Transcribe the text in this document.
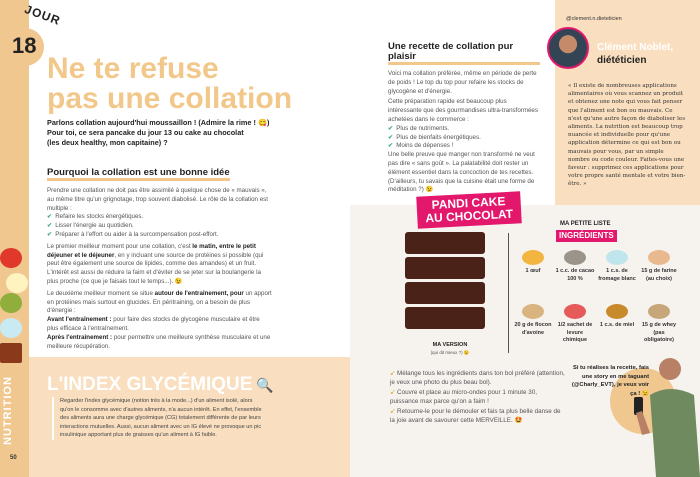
JOUR
18
Ne te refuse
pas une collation
Parlons collation aujourd'hui moussaillon ! (Admire la rime ! 😋)
Pour toi, ce sera pancake du jour 13 ou cake au chocolat
(les deux healthy, mon capitaine) ?
Pourquoi la collation est une bonne idée
Prendre une collation ne doit pas être assimilé à quelque chose de « mauvais », au même titre qu'un grignotage, trop souvent diabolisé. Le rôle de la collation est multiple :
✔ Refaire les stocks énergétiques.
✔ Lisser l'énergie au quotidien.
✔ Préparer à l'effort ou aider à la surcompensation post-effort.
Le premier meilleur moment pour une collation, c'est le matin, entre le petit déjeuner et le déjeuner, en y incluant une source de protéines si possible (qui peut être également une source de lipides, comme des amandes) et un fruit. L'intérêt est aussi de réduire la faim et d'éviter de se jeter sur la boulangerie la plus proche (ce que je faisais tout le temps...). 😉
Le deuxième meilleur moment se situe autour de l'entraînement, pour un apport en protéines mais surtout en glucides. En péritraining, on a besoin de plus d'énergie :
Avant l'entraînement : pour faire des stocks de glycogène musculaire et être plus efficace à l'entraînement.
Après l'entraînement : pour permettre une meilleure synthèse musculaire et une meilleure récupération.
L'INDEX GLYCÉMIQUE 🔍
Regarder l'index glycémique (notion très à la mode...) d'un aliment isolé, alors qu'on le consomme avec d'autres aliments, n'a aucun intérêt. En effet, l'ensemble des aliments aura une charge glycémique (CG) totalement différente de par leurs interactions mutuelles. Aussi, aucun aliment avec un IG élevé ne provoque un pic insulinique apportant plus de graisses qu'un aliment à IG faible.
NUTRITION
50
@clement.n.dieteticien
Clément Noblet,
diététicien
« Il existe de nombreuses applications alimentaires où vous scannez un produit et obtenez une note qui vous fait penser que l'aliment est bon ou mauvais. Ce n'est qu'une autre façon de diaboliser les aliments. La nutrition est beaucoup trop nuancée et individuelle pour qu'une application détermine ce qui est bon ou mauvais pour vous, par un simple nombre ou code couleur. Faites-vous une faveur : supprimez ces applications pour votre propre santé mentale et votre bien-être. »
Une recette de collation pur plaisir
Voici ma collation préférée, même en période de perte de poids ! Le top du top pour refaire les stocks de glycogène et d'énergie.
Cette préparation rapide est beaucoup plus intéressante que des gourmandises ultra-transformées achetées dans le commerce :
✔ Plus de nutriments.
✔ Plus de bienfaits énergétiques.
✔ Moins de dépenses !
Une belle preuve que manger non transformé ne veut pas dire « sans goût ». La palatabilité doit rester un élément essentiel dans la concoction de tes recettes. (D'ailleurs, tu savais que la cuisine était une forme de méditation ?) 😉
PANDI CAKE
AU CHOCOLAT
MA VERSION
(qui dit mieux ?) 😉
MA PETITE LISTE
INGRÉDIENTS
1 œuf	1 c.c. de cacao 100 %
1 c.s. de fromage blanc
15 g de farine (au choix)
20 g de flocon d'avoine
1/2 sachet de levure chimique
1 c.s. de miel	15 g de whey (pas obligatoire)
➹ Mélange tous les ingrédients dans ton bol préféré (attention, je veux une photo du plus beau bol).
➹ Couvre et place au micro-ondes pour 1 minute 30, puissance max parce qu'on a faim !
➹ Retourne-le pour le démouler et fais ta plus belle danse de la joie avant de savourer cette MERVEILLE. 🤩
Si tu réalises la recette, fais une story en me taguant (@Charly_EVT), je veux voir ça ! 😉
